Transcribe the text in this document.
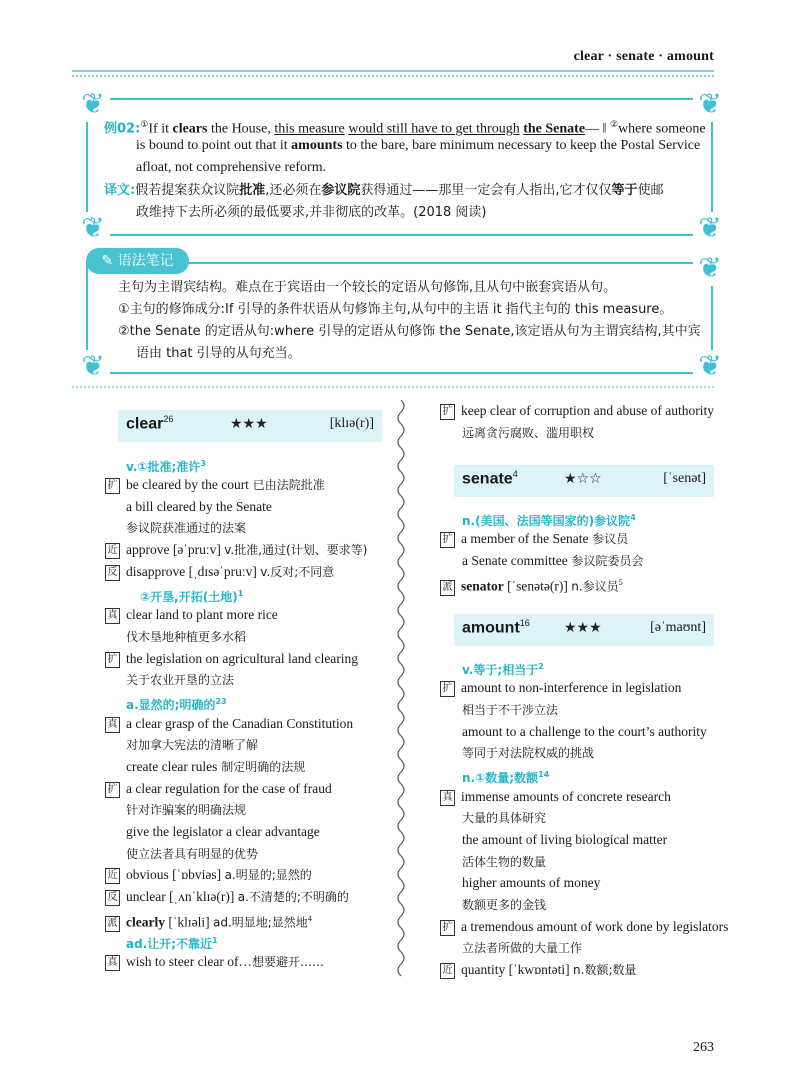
clear · senate · amount
❦	❦
❦	❦
例02:①If it clears the House, this measure would still have to get through the Senate— ‖ ②where someone
is bound to point out that it amounts to the bare, bare minimum necessary to keep the Postal Service
afloat, not comprehensive reform.
译文:假若提案获众议院批准,还必须在参议院获得通过——那里一定会有人指出,它才仅仅等于使邮
政维持下去所必须的最低要求,并非彻底的改革。(2018 阅读)
❦
❦
❦
✎ 语法笔记
主句为主谓宾结构。难点在于宾语由一个较长的定语从句修饰,且从句中嵌套宾语从句。
①主句的修饰成分:If 引导的条件状语从句修饰主句,从句中的主语 it 指代主句的 this measure。
②the Senate 的定语从句:where 引导的定语从句修饰 the Senate,该定语从句为主谓宾结构,其中宾
语由 that 引导的从句充当。
clear$^{26}$	★★★	[klɪə(r)]
v.①批准;准许$^3$
扩 be cleared by the court 已由法院批准
a bill cleared by the Senate
参议院获准通过的法案
近 approve [əˈpruːv] v.批准,通过(计划、要求等)
反 disapprove [ˌdɪsəˈpruːv] v.反对;不同意
②开垦,开拓(土地)$^1$
真 clear land to plant more rice
伐木垦地种植更多水稻
扩 the legislation on agricultural land clearing
关于农业开垦的立法
a.显然的;明确的$^{23}$
真 a clear grasp of the Canadian Constitution
对加拿大宪法的清晰了解
create clear rules 制定明确的法规
扩 a clear regulation for the case of fraud
针对诈骗案的明确法规
give the legislator a clear advantage
使立法者具有明显的优势
近 obvious [ˈɒbviəs] a.明显的;显然的
反 unclear [ˌʌnˈklɪə(r)] a.不清楚的;不明确的
派 clearly [ˈklɪəli] ad.明显地;显然地$^4$
ad.让开;不靠近$^1$
真 wish to steer clear of…想要避开……
扩 keep clear of corruption and abuse of authority
远离贪污腐败、滥用职权
senate$^4$	★☆☆	[ˈsenət]
n.(美国、法国等国家的)参议院$^4$
扩 a member of the Senate 参议员
a Senate committee 参议院委员会
派 senator [ˈsenətə(r)] n.参议员$^5$
amount$^{16}$ ★★★	[əˈmaʊnt]
v.等于;相当于$^2$
扩 amount to non-interference in legislation
相当于不干涉立法
amount to a challenge to the court’s authority
等同于对法院权威的挑战
n.①数量;数额$^{14}$
真 immense amounts of concrete research
大量的具体研究
the amount of living biological matter
活体生物的数量
higher amounts of money
数额更多的金钱
扩 a tremendous amount of work done by legislators
立法者所做的大量工作
近 quantity [ˈkwɒntəti] n.数额;数量
263
